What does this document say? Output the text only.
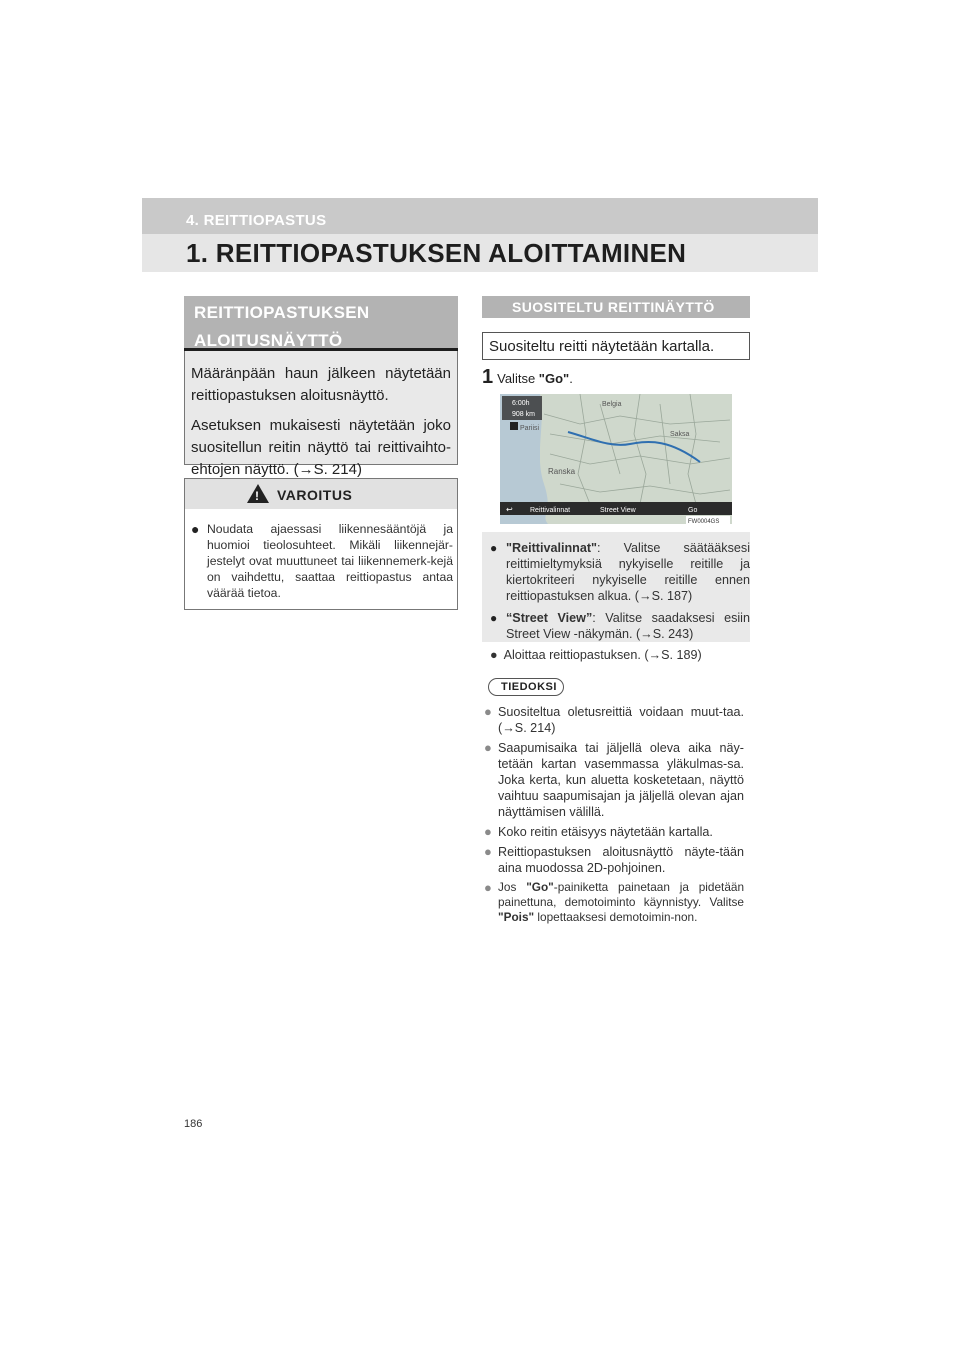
4. REITTIOPASTUS
1. REITTIOPASTUKSEN ALOITTAMINEN
REITTIOPASTUKSEN
ALOITUSNÄYTTÖ

Määränpään haun jälkeen näytetään reittiopastuksen aloitusnäyttö.

Asetuksen mukaisesti näytetään joko suositellun reitin näyttö tai reittivaihto-ehtojen näyttö. (→S. 214)

! VAROITUS
● Noudata ajaessasi liikennesääntöjä ja huomioi tieolosuhteet. Mikäli liikennejär-jestelyt ovat muuttuneet tai liikennemerk-kejä on vaihdettu, saattaa reittiopastus antaa väärää tietoa.
SUOSITELTU REITTINÄYTTÖ
Suositeltu reitti näytetään kartalla.
1 Valitse "Go".
6:00h
908 km
Pariisi
Ranska
Belgia
Saksa
↩ Reittivalinnat	Street View	Go
FW0004GS
● "Reittivalinnat": Valitse säätääksesi reittimieltymyksiä nykyiselle reitille ja kiertokriteeri nykyiselle reitille ennen reittiopastuksen alkua. (→S. 187)
● “Street View”: Valitse saadaksesi esiin Street View -näkymän. (→S. 243)
● Aloittaa reittiopastuksen. (→S. 189)
TIEDOKSI
● Suositeltua oletusreittiä voidaan muut-taa. (→S. 214)
● Saapumisaika tai jäljellä oleva aika näy-tetään kartan vasemmassa yläkulmas-sa. Joka kerta, kun aluetta kosketetaan, näyttö vaihtuu saapumisajan ja jäljellä olevan ajan näyttämisen välillä.
● Koko reitin etäisyys näytetään kartalla.
● Reittiopastuksen aloitusnäyttö näyte-tään aina muodossa 2D-pohjoinen.
● Jos "Go"-painiketta painetaan ja pidetään painettuna, demotoiminto käynnistyy. Valitse "Pois" lopettaaksesi demotoimin-non.
186
